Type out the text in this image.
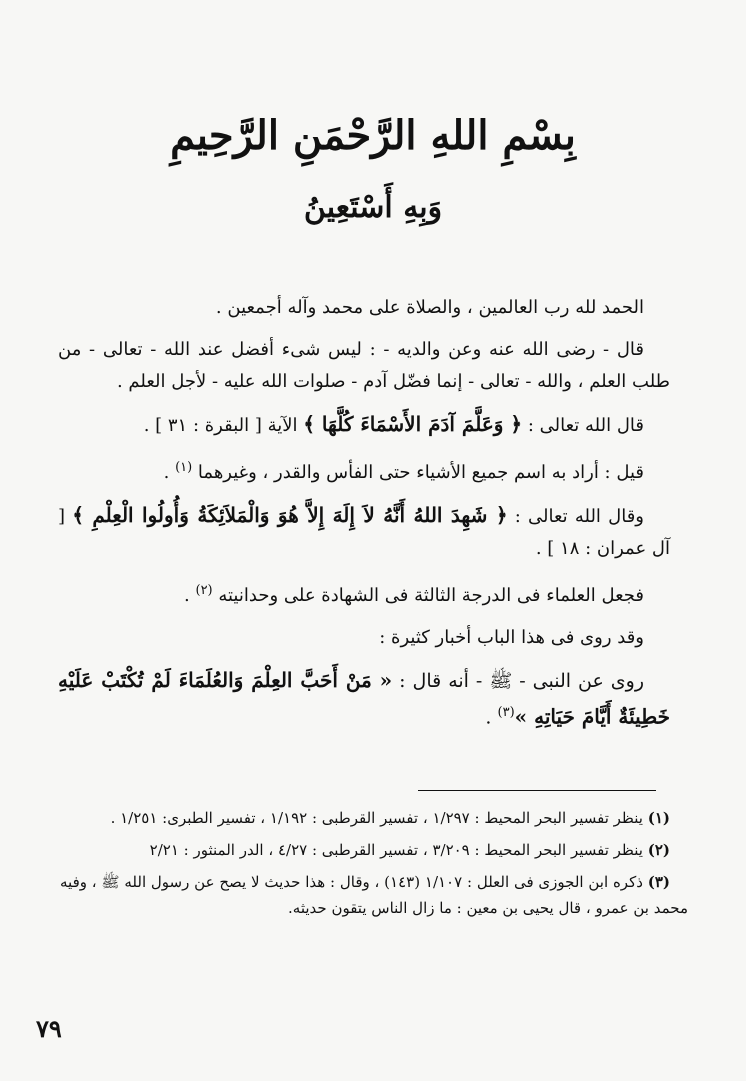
بِسْمِ اللهِ الرَّحْمَنِ الرَّحِيمِ
وَبِهِ أَسْتَعِينُ

الحمد لله رب العالمين ، والصلاة على محمد وآله أجمعين .

قال - رضى الله عنه وعن والديه - : ليس شىء أفضل عند الله - تعالى - من طلب العلم ، والله - تعالى - إنما فضّل آدم - صلوات الله عليه - لأجل العلم .

قال الله تعالى : ﴿ وَعَلَّمَ آدَمَ الأَسْمَاءَ كُلَّهَا ﴾ الآية [ البقرة : ٣١ ] .

قيل : أراد به اسم جميع الأشياء حتى الفأس والقدر ، وغيرهما $^{(١)}$ .

وقال الله تعالى : ﴿ شَهِدَ اللهُ أَنَّهُ لاَ إِلَهَ إِلاَّ هُوَ وَالْمَلاَئِكَةُ وَأُولُوا الْعِلْمِ ﴾ [ آل عمران : ١٨ ] .

فجعل العلماء فى الدرجة الثالثة فى الشهادة على وحدانيته $^{(٢)}$ .

وقد روى فى هذا الباب أخبار كثيرة :

روى عن النبى - ﷺ - أنه قال : « مَنْ أَحَبَّ العِلْمَ وَالعُلَمَاءَ لَمْ تُكْتَبْ عَلَيْهِ خَطِيئَةٌ أَيَّامَ حَيَاتِهِ »$^{(٣)}$ .

(١) ينظر تفسير البحر المحيط : ١/٢٩٧ ، تفسير القرطبى : ١/١٩٢ ، تفسير الطبرى: ١/٢٥١ .

(٢) ينظر تفسير البحر المحيط : ٣/٢٠٩ ، تفسير القرطبى : ٤/٢٧ ، الدر المنثور : ٢/٢١

(٣) ذكره ابن الجوزى فى العلل : ١/١٠٧ (١٤٣) ، وقال : هذا حديث لا يصح عن رسول الله ﷺ ، وفيه محمد بن عمرو ، قال يحيى بن معين : ما زال الناس يتقون حديثه.

٧٩
